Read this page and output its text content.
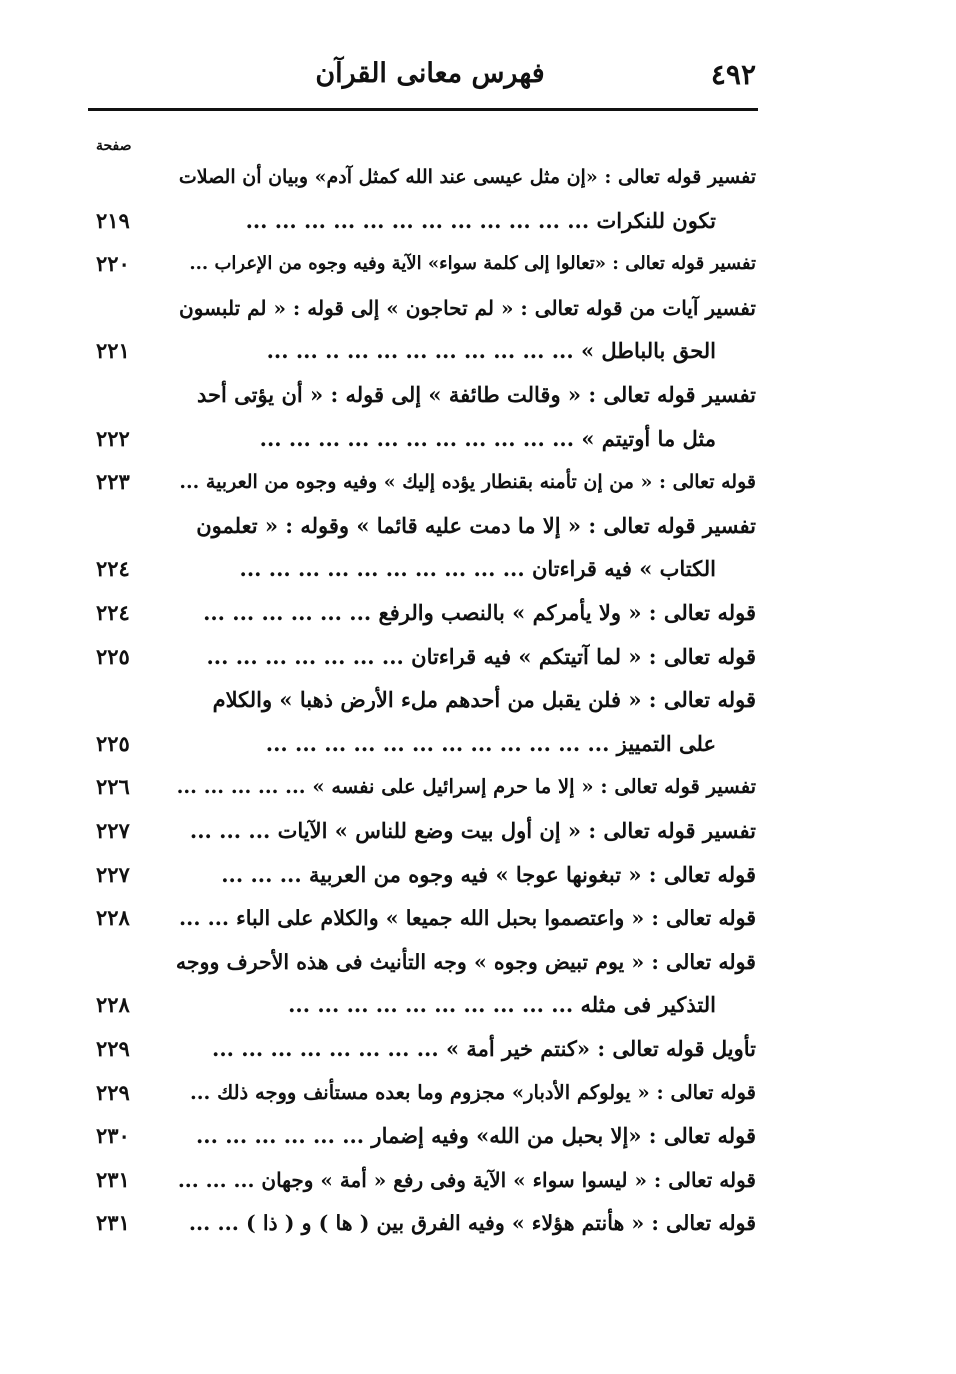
٤٩٢
فهرس معانى القرآن
صفحة
تفسير قوله تعالى : «إن مثل عيسى عند الله كمثل آدم» وبيان أن الصلات
تكون للنكرات ... ... ... ... ... ... ... ... ... ... ... ...
٢١٩
تفسير قوله تعالى : «تعالوا إلى كلمة سواء» الآية وفيه وجوه من الإعراب ...
٢٢٠
تفسير آيات من قوله تعالى : « لم تحاجون » إلى قوله : « لم تلبسون
الحق بالباطل » ... ... ... ... ... ... ... ... .. ... ...
٢٢١
تفسير قوله تعالى : « وقالت طائفة » إلى قوله : « أن يؤتى أحد
مثل ما أوتيتم » ... ... ... ... ... ... ... ... ... ... ...
٢٢٢
قوله تعالى : « من إن تأمنه بقنطار يؤده إليك » وفيه وجوه من العربية ...
٢٢٣
تفسير قوله تعالى : « إلا ما دمت عليه قائما » وقوله : « تعلمون
الكتاب » فيه قراءتان ... ... ... ... ... ... ... ... ... ...
٢٢٤
قوله تعالى : « ولا يأمركم » بالنصب والرفع ... ... ... ... ... ...
٢٢٤
قوله تعالى : « لما آتيتكم » فيه قراءتان ... ... ... ... ... ... ...
٢٢٥
قوله تعالى : « فلن يقبل من أحدهم ملء الأرض ذهبا » والكلام
على التمييز ... ... ... ... ... ... ... ... ... ... ... ...
٢٢٥
تفسير قوله تعالى : « إلا ما حرم إسرائيل على نفسه » ... ... ... ... ...
٢٢٦
تفسير قوله تعالى : « إن أول بيت وضع للناس » الآيات ... ... ...
٢٢٧
قوله تعالى : « تبغونها عوجا » فيه وجوه من العربية ... ... ...
٢٢٧
قوله تعالى : « واعتصموا بحبل الله جميعا » والكلام على الباء ... ...
٢٢٨
قوله تعالى : « يوم تبيض وجوه » وجه التأنيث فى هذه الأحرف ووجه
التذكير فى مثله ... ... ... ... ... ... ... ... ... ...
٢٢٨
تأويل قوله تعالى : «كنتم خير أمة » ... ... ... ... ... ... ... ...
٢٢٩
قوله تعالى : « يولوكم الأدبار» مجزوم وما بعده مستأنف ووجه ذلك ...
٢٢٩
قوله تعالى : «إلا بحبل من الله» وفيه إضمار ... ... ... ... ... ...
٢٣٠
قوله تعالى : « ليسوا سواء » الآية وفى رفع « أمة » وجهان ... ... ...
٢٣١
قوله تعالى : « هأنتم هؤلاء » وفيه الفرق بين ( ها ) و ( ذا ) ... ...
٢٣١
